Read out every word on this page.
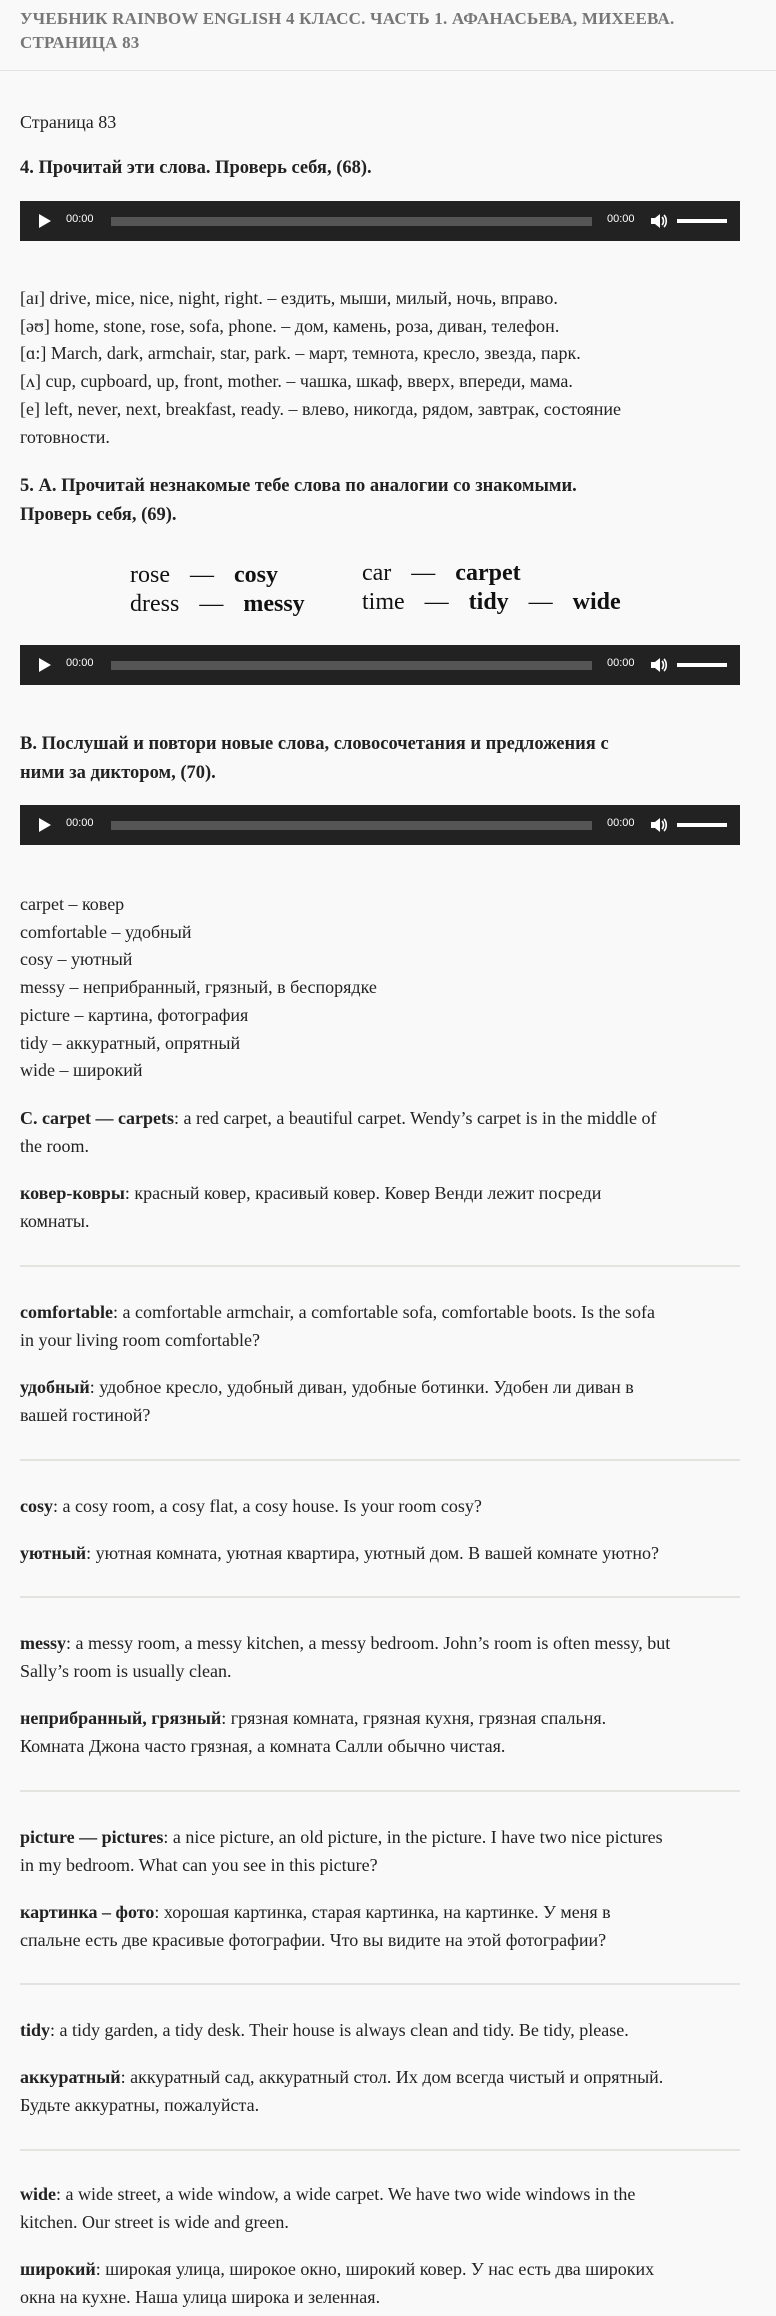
УЧЕБНИК RAINBOW ENGLISH 4 КЛАСС. ЧАСТЬ 1. АФАНАСЬЕВА, МИХЕЕВА. СТРАНИЦА 83

Страница 83

4. Прочитай эти слова. Проверь себя, (68).

00:00	00:00
[aɪ] drive, mice, nice, night, right. – ездить, мыши, милый, ночь, вправо.
[əʊ] home, stone, rose, sofa, phone. – дом, камень, роза, диван, телефон.
[ɑ:] March, dark, armchair, star, park. – март, темнота, кресло, звезда, парк.
[ʌ] cup, cupboard, up, front, mother. – чашка, шкаф, вверх, впереди, мама.
[e] left, never, next, breakfast, ready. – влево, никогда, рядом, завтрак, состояние
готовности.

5. А. Прочитай незнакомые тебе слова по аналогии со знакомыми.

Проверь себя, (69).

rose — cosy	car — carpet
dress — messy time — tidy — wide
00:00	00:00

В. Послушай и повтори новые слова, словосочетания и предложения с

ними за диктором, (70).

00:00	00:00
carpet – ковер
comfortable – удобный
cosy – уютный
messy – неприбранный, грязный, в беспорядке
picture – картина, фотография
tidy – аккуратный, опрятный
wide – широкий

C. carpet — carpets: a red carpet, a beautiful carpet. Wendy’s carpet is in the middle of

the room.

ковер-ковры: красный ковер, красивый ковер. Ковер Венди лежит посреди

комнаты.

comfortable: a comfortable armchair, a comfortable sofa, comfortable boots. Is the sofa

in your living room comfortable?

удобный: удобное кресло, удобный диван, удобные ботинки. Удобен ли диван в

вашей гостиной?

cosy: a cosy room, a cosy flat, a cosy house. Is your room cosy?

уютный: уютная комната, уютная квартира, уютный дом. В вашей комнате уютно?

messy: a messy room, a messy kitchen, a messy bedroom. John’s room is often messy, but

Sally’s room is usually clean.

неприбранный, грязный: грязная комната, грязная кухня, грязная спальня.

Комната Джона часто грязная, а комната Салли обычно чистая.

picture — pictures: a nice picture, an old picture, in the picture. I have two nice pictures

in my bedroom. What can you see in this picture?

картинка – фото: хорошая картинка, старая картинка, на картинке. У меня в

спальне есть две красивые фотографии. Что вы видите на этой фотографии?

tidy: a tidy garden, a tidy desk. Their house is always clean and tidy. Be tidy, please.

аккуратный: аккуратный сад, аккуратный стол. Их дом всегда чистый и опрятный.

Будьте аккуратны, пожалуйста.

wide: a wide street, a wide window, a wide carpet. We have two wide windows in the

kitchen. Our street is wide and green.

широкий: широкая улица, широкое окно, широкий ковер. У нас есть два широких

окна на кухне. Наша улица широка и зеленная.
